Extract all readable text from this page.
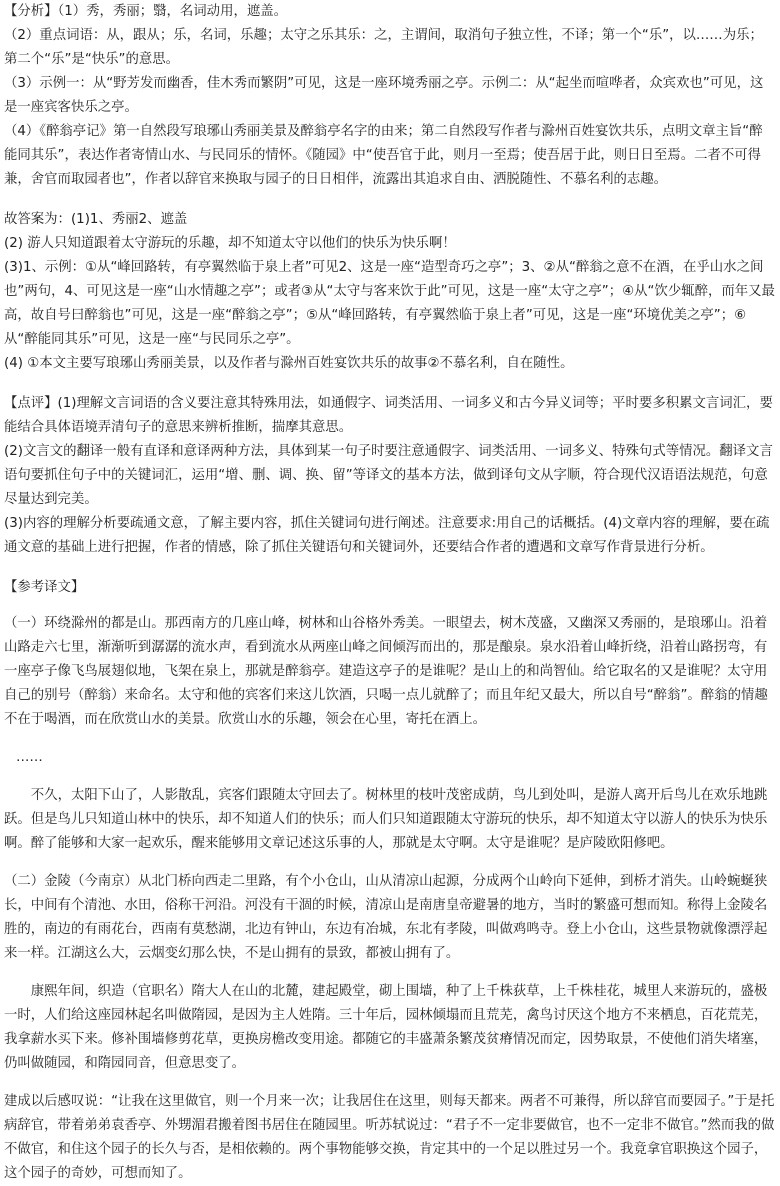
【分析】（1）秀，秀丽；翳，名词动用，遮盖。

（2）重点词语：从，跟从；乐，名词，乐趣；太守之乐其乐：之，主谓间，取消句子独立性，不译；第一个“乐”，以……为乐；第二个“乐”是“快乐”的意思。

（3）示例一：从“野芳发而幽香，佳木秀而繁阴”可见，这是一座环境秀丽之亭。示例二：从“起坐而喧哗者，众宾欢也”可见，这是一座宾客快乐之亭。

（4）《醉翁亭记》第一自然段写琅琊山秀丽美景及醉翁亭名字的由来；第二自然段写作者与滁州百姓宴饮共乐，点明文章主旨“醉能同其乐”，表达作者寄情山水、与民同乐的情怀。《随园》中“使吾官于此，则月一至焉；使吾居于此，则日日至焉。二者不可得兼，舍官而取园者也”，作者以辞官来换取与园子的日日相伴，流露出其追求自由、洒脱随性、不慕名利的志趣。

故答案为：(1)1、秀丽2、遮盖

(2) 游人只知道跟着太守游玩的乐趣，却不知道太守以他们的快乐为快乐啊！

(3)1、示例：①从“峰回路转，有亭翼然临于泉上者”可见2、这是一座“造型奇巧之亭”；3、②从“醉翁之意不在酒，在乎山水之间也”两句，4、可见这是一座“山水情趣之亭”；或者③从“太守与客来饮于此”可见，这是一座“太守之亭”；④从“饮少辄醉，而年又最高，故自号曰醉翁也”可见，这是一座“醉翁之亭”；⑤从“峰回路转，有亭翼然临于泉上者”可见，这是一座“环境优美之亭”；⑥从“醉能同其乐”可见，这是一座“与民同乐之亭”。

(4) ①本文主要写琅琊山秀丽美景，以及作者与滁州百姓宴饮共乐的故事②不慕名利，自在随性。

【点评】(1)理解文言词语的含义要注意其特殊用法，如通假字、词类活用、一词多义和古今异义词等；平时要多积累文言词汇，要能结合具体语境弄清句子的意思来辨析推断，揣摩其意思。

(2)文言文的翻译一般有直译和意译两种方法，具体到某一句子时要注意通假字、词类活用、一词多义、特殊句式等情况。翻译文言语句要抓住句子中的关键词汇，运用“增、删、调、换、留”等译文的基本方法，做到译句文从字顺，符合现代汉语语法规范，句意尽量达到完美。

(3)内容的理解分析要疏通文意，了解主要内容，抓住关键词句进行阐述。注意要求:用自己的话概括。(4)文章内容的理解，要在疏通文意的基础上进行把握，作者的情感，除了抓住关键语句和关键词外，还要结合作者的遭遇和文章写作背景进行分析。

【参考译文】

（一）环绕滁州的都是山。那西南方的几座山峰，树林和山谷格外秀美。一眼望去，树木茂盛，又幽深又秀丽的，是琅琊山。沿着山路走六七里，渐渐听到潺潺的流水声，看到流水从两座山峰之间倾泻而出的，那是酿泉。泉水沿着山峰折绕，沿着山路拐弯，有一座亭子像飞鸟展翅似地，飞架在泉上，那就是醉翁亭。建造这亭子的是谁呢？是山上的和尚智仙。给它取名的又是谁呢？太守用自己的别号（醉翁）来命名。太守和他的宾客们来这儿饮酒，只喝一点儿就醉了；而且年纪又最大，所以自号“醉翁”。醉翁的情趣不在于喝酒，而在欣赏山水的美景。欣赏山水的乐趣，领会在心里，寄托在酒上。

……

不久，太阳下山了，人影散乱，宾客们跟随太守回去了。树林里的枝叶茂密成荫，鸟儿到处叫，是游人离开后鸟儿在欢乐地跳跃。但是鸟儿只知道山林中的快乐，却不知道人们的快乐；而人们只知道跟随太守游玩的快乐，却不知道太守以游人的快乐为快乐啊。醉了能够和大家一起欢乐，醒来能够用文章记述这乐事的人，那就是太守啊。太守是谁呢？是庐陵欧阳修吧。

（二）金陵（今南京）从北门桥向西走二里路，有个小仓山，山从清凉山起源，分成两个山岭向下延伸，到桥才消失。山岭蜿蜒狭长，中间有个清池、水田，俗称干河沿。河没有干涸的时候，清凉山是南唐皇帝避暑的地方，当时的繁盛可想而知。称得上金陵名胜的，南边的有雨花台，西南有莫愁湖，北边有钟山，东边有冶城，东北有孝陵，叫做鸡鸣寺。登上小仓山，这些景物就像漂浮起来一样。江湖这么大，云烟变幻那么快，不是山拥有的景致，都被山拥有了。

康熙年间，织造（官职名）隋大人在山的北麓，建起殿堂，砌上围墙，种了上千株荻草，上千株桂花，城里人来游玩的，盛极一时，人们给这座园林起名叫做隋园，是因为主人姓隋。三十年后，园林倾塌而且荒芜，禽鸟讨厌这个地方不来栖息，百花荒芜，我拿薪水买下来。修补围墙修剪花草，更换房檐改变用途。都随它的丰盛萧条繁茂贫瘠情况而定，因势取景，不使他们消失堵塞，仍叫做随园，和隋园同音，但意思变了。

建成以后感叹说：“让我在这里做官，则一个月来一次；让我居住在这里，则每天都来。两者不可兼得，所以辞官而要园子。”于是托病辞官，带着弟弟袁香亭、外甥湄君搬着图书居住在随园里。听苏轼说过：“君子不一定非要做官，也不一定非不做官。”然而我的做不做官，和住这个园子的长久与否，是相依赖的。两个事物能够交换，肯定其中的一个足以胜过另一个。我竟拿官职换这个园子，这个园子的奇妙，可想而知了。
